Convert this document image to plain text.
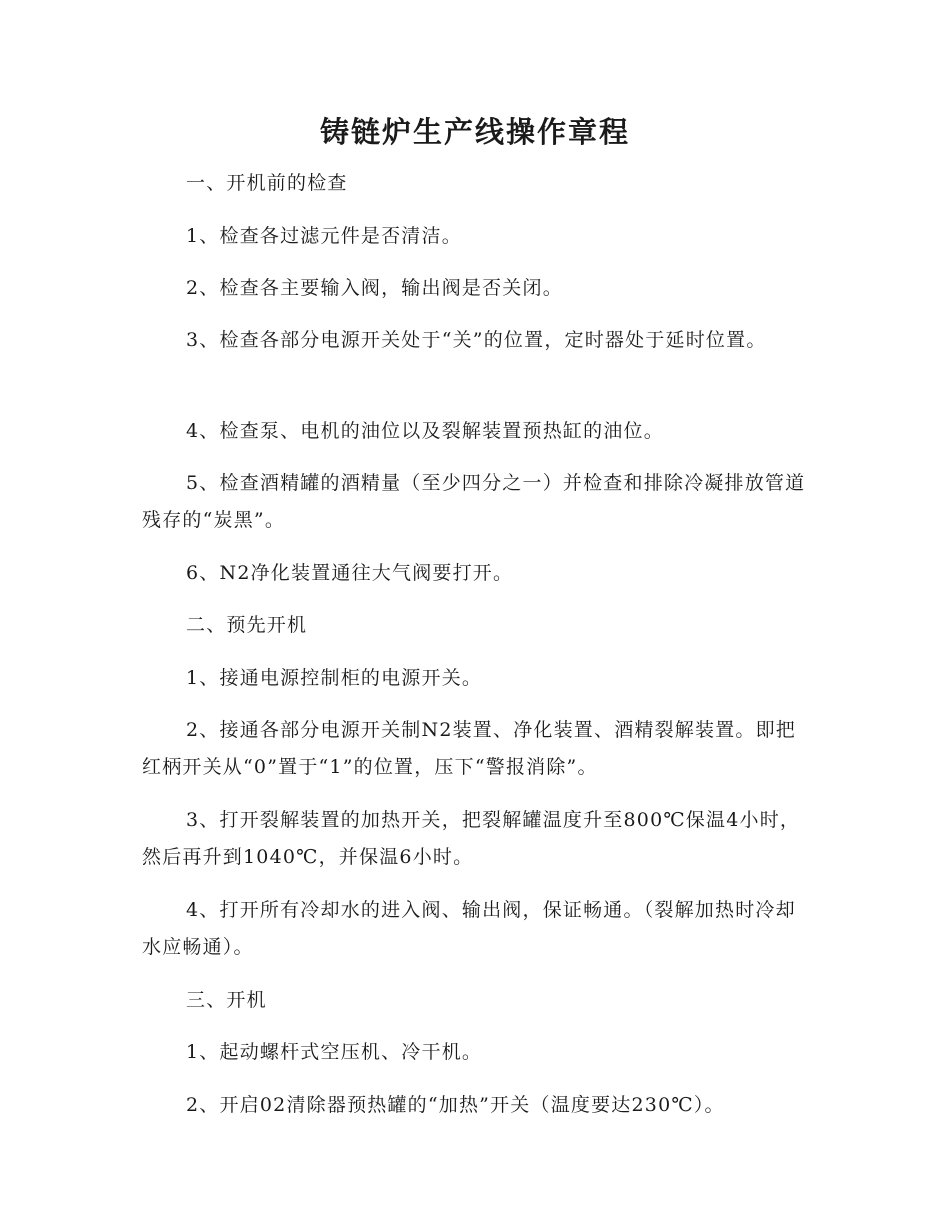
铸链炉生产线操作章程

一、开机前的检查

1、检查各过滤元件是否清洁。

2、检查各主要输入阀，输出阀是否关闭。

3、检查各部分电源开关处于“关”的位置，定时器处于延时位置。

4、检查泵、电机的油位以及裂解装置预热缸的油位。

5、检查酒精罐的酒精量（至少四分之一）并检查和排除冷凝排放管道残存的“炭黑”。

6、N2净化装置通往大气阀要打开。

二、预先开机

1、接通电源控制柜的电源开关。

2、接通各部分电源开关制N2装置、净化装置、酒精裂解装置。即把红柄开关从“0”置于“1”的位置，压下“警报消除”。

3、打开裂解装置的加热开关，把裂解罐温度升至800℃保温4小时，然后再升到1040℃，并保温6小时。

4、打开所有冷却水的进入阀、输出阀，保证畅通。（裂解加热时冷却水应畅通）。

三、开机

1、起动螺杆式空压机、冷干机。

2、开启02清除器预热罐的“加热”开关（温度要达230℃）。
